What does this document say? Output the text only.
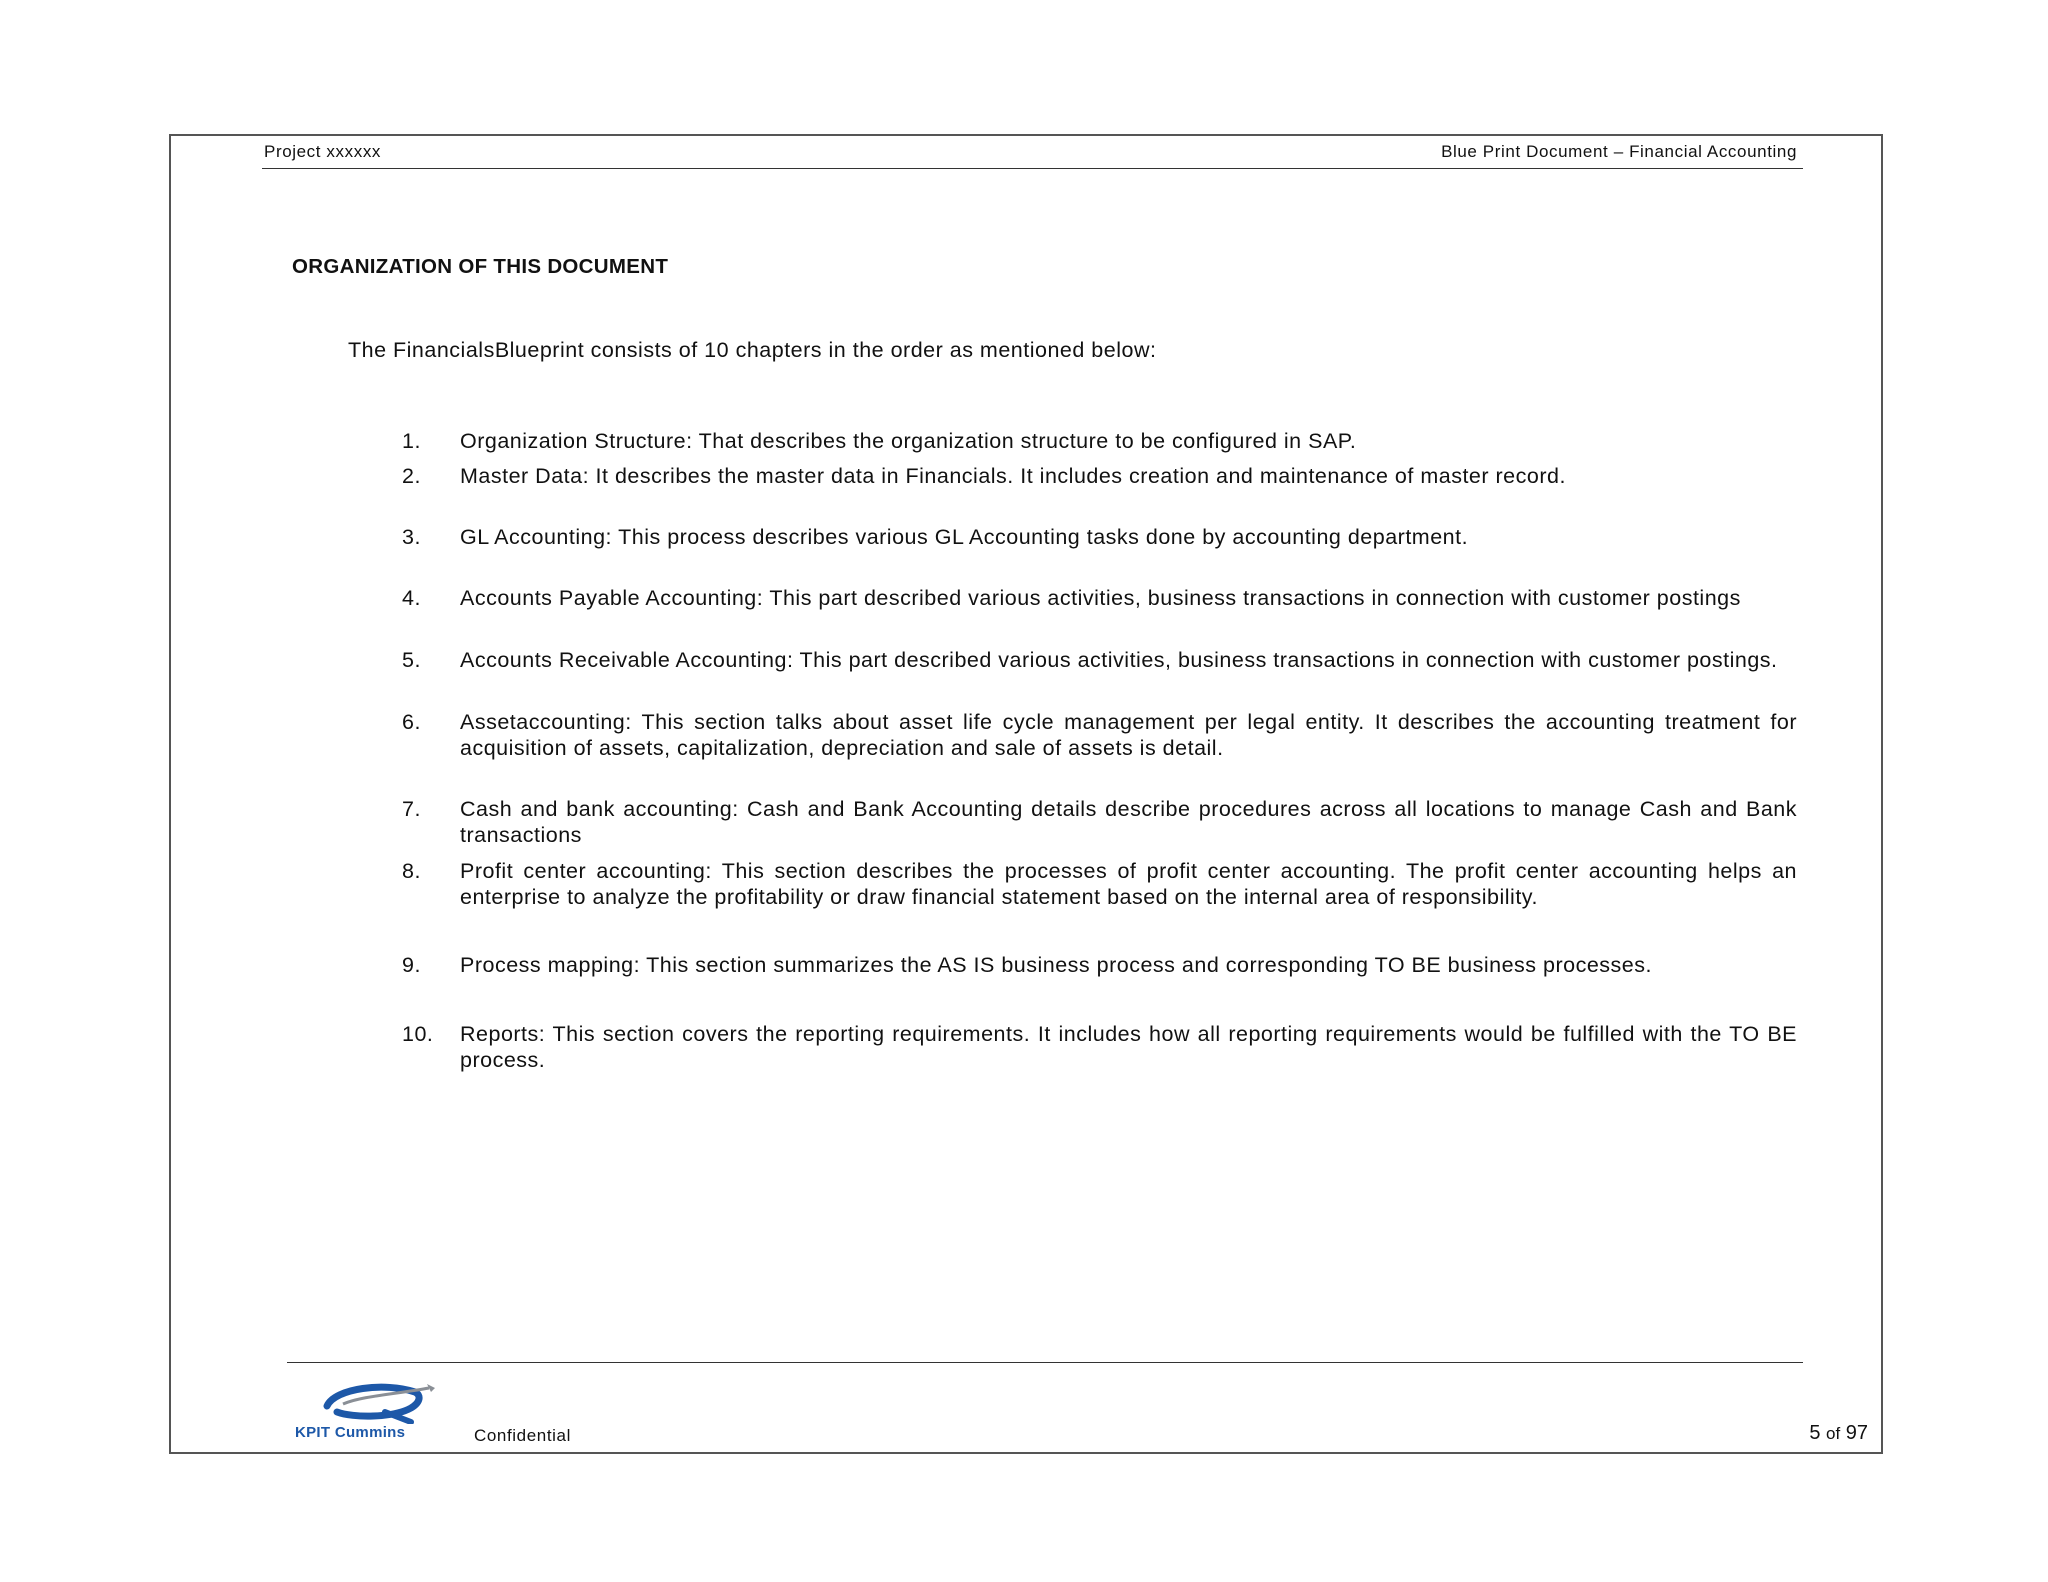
Project xxxxxx	Blue Print Document – Financial Accounting
ORGANIZATION OF THIS DOCUMENT
The FinancialsBlueprint consists of 10 chapters in the order as mentioned below:
1. Organization Structure: That describes the organization structure to be configured in SAP.
2. Master Data: It describes the master data in Financials. It includes creation and maintenance of master record.
3. GL Accounting: This process describes various GL Accounting tasks done by accounting department.
4. Accounts Payable Accounting: This part described various activities, business transactions in connection with customer postings
5. Accounts Receivable Accounting: This part described various activities, business transactions in connection with customer postings.
6. Assetaccounting: This section talks about asset life cycle management per legal entity. It describes the accounting treatment for acquisition of assets, capitalization, depreciation and sale of assets is detail.
7. Cash and bank accounting: Cash and Bank Accounting details describe procedures across all locations to manage Cash and Bank transactions
8. Profit center accounting: This section describes the processes of profit center accounting. The profit center accounting helps an enterprise to analyze the profitability or draw financial statement based on the internal area of responsibility.
9. Process mapping: This section summarizes the AS IS business process and corresponding TO BE business processes.
10. Reports: This section covers the reporting requirements. It includes how all reporting requirements would be fulfilled with the TO BE process.
KPIT Cummins	Confidential	5 of 97
